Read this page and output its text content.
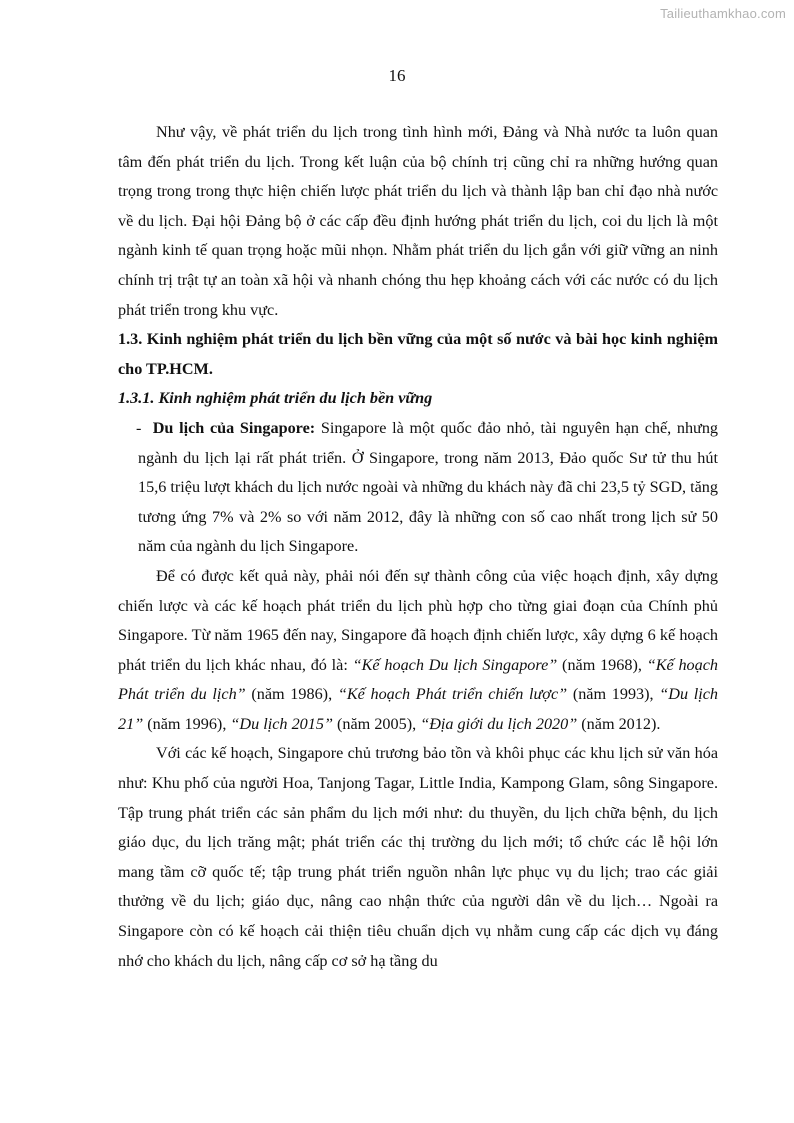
Tailieuthamkhao.com
16

Như vậy, về phát triển du lịch trong tình hình mới, Đảng và Nhà nước ta luôn quan tâm đến phát triển du lịch. Trong kết luận của bộ chính trị cũng chỉ ra những hướng quan trọng trong trong thực hiện chiến lược phát triển du lịch và thành lập ban chỉ đạo nhà nước về du lịch. Đại hội Đảng bộ ở các cấp đều định hướng phát triển du lịch, coi du lịch là một ngành kinh tế quan trọng hoặc mũi nhọn. Nhằm phát triển du lịch gắn với giữ vững an ninh chính trị trật tự an toàn xã hội và nhanh chóng thu hẹp khoảng cách với các nước có du lịch phát triển trong khu vực.

1.3. Kinh nghiệm phát triển du lịch bền vững của một số nước và bài học kinh nghiệm cho TP.HCM.

1.3.1. Kinh nghiệm phát triển du lịch bền vững

- Du lịch của Singapore: Singapore là một quốc đảo nhỏ, tài nguyên hạn chế, nhưng ngành du lịch lại rất phát triển. Ở Singapore, trong năm 2013, Đảo quốc Sư tử thu hút 15,6 triệu lượt khách du lịch nước ngoài và những du khách này đã chi 23,5 tỷ SGD, tăng tương ứng 7% và 2% so với năm 2012, đây là những con số cao nhất trong lịch sử 50 năm của ngành du lịch Singapore.

Để có được kết quả này, phải nói đến sự thành công của việc hoạch định, xây dựng chiến lược và các kế hoạch phát triển du lịch phù hợp cho từng giai đoạn của Chính phủ Singapore. Từ năm 1965 đến nay, Singapore đã hoạch định chiến lược, xây dựng 6 kế hoạch phát triển du lịch khác nhau, đó là: “Kế hoạch Du lịch Singapore” (năm 1968), “Kế hoạch Phát triển du lịch” (năm 1986), “Kế hoạch Phát triển chiến lược” (năm 1993), “Du lịch 21” (năm 1996), “Du lịch 2015” (năm 2005), “Địa giới du lịch 2020” (năm 2012).

Với các kế hoạch, Singapore chủ trương bảo tồn và khôi phục các khu lịch sử văn hóa như: Khu phố của người Hoa, Tanjong Tagar, Little India, Kampong Glam, sông Singapore. Tập trung phát triển các sản phẩm du lịch mới như: du thuyền, du lịch chữa bệnh, du lịch giáo dục, du lịch trăng mật; phát triển các thị trường du lịch mới; tổ chức các lễ hội lớn mang tầm cỡ quốc tế; tập trung phát triển nguồn nhân lực phục vụ du lịch; trao các giải thưởng về du lịch; giáo dục, nâng cao nhận thức của người dân về du lịch… Ngoài ra Singapore còn có kế hoạch cải thiện tiêu chuẩn dịch vụ nhằm cung cấp các dịch vụ đáng nhớ cho khách du lịch, nâng cấp cơ sở hạ tầng du
